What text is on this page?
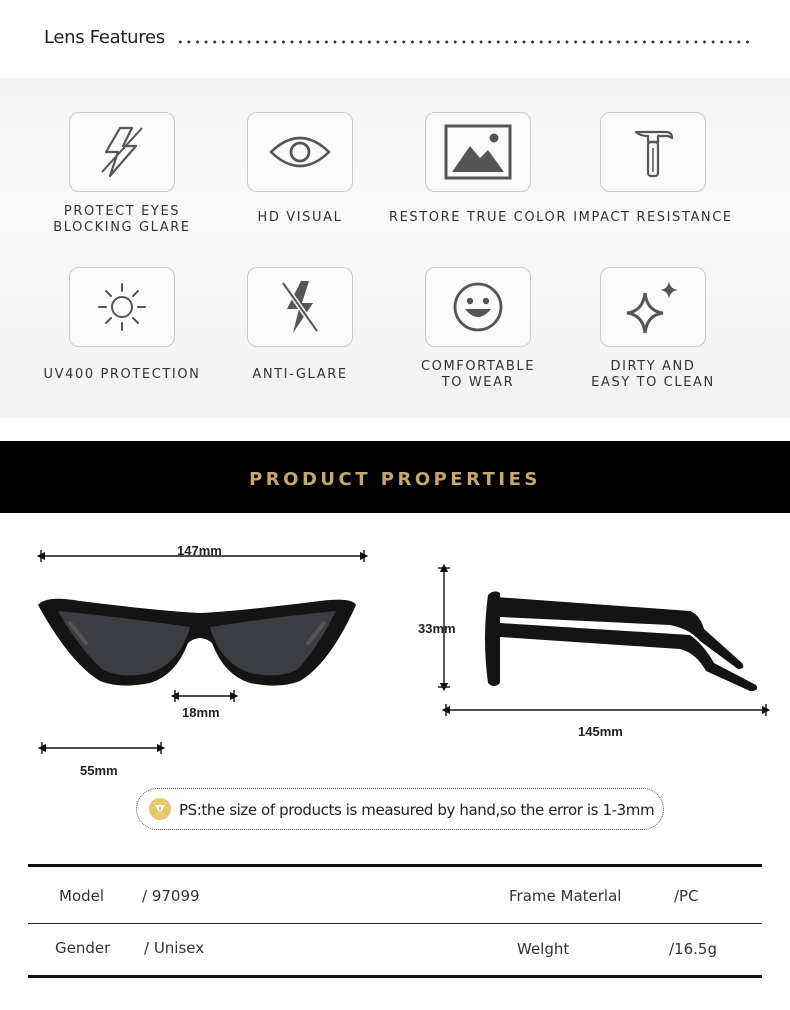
Lens Features
PROTECT EYES
BLOCKING GLARE
HD VISUAL	RESTORE TRUE COLOR IMPACT RESISTANCE
UV400 PROTECTION	ANTI-GLARE
COMFORTABLE
TO WEAR
DIRTY AND
EASY TO CLEAN
PRODUCT PROPERTIES
147mm
18mm
55mm
33mm
145mm
PS:the size of products is measured by hand,so the error is 1-3mm
Model	/ 97099	Frame Materlal	/PC
Gender / Unisex	Welght	/16.5g
